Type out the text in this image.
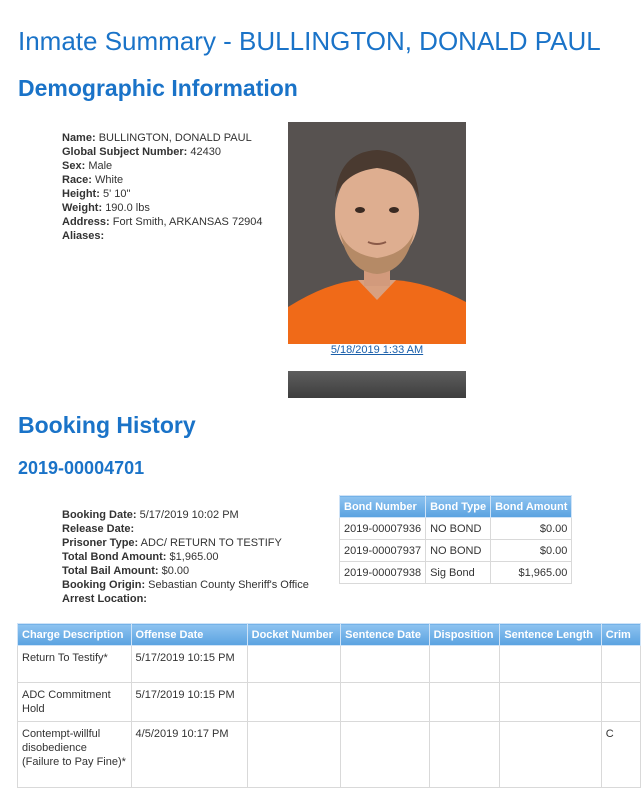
Inmate Summary - BULLINGTON, DONALD PAUL
Demographic Information
Name: BULLINGTON, DONALD PAUL
Global Subject Number: 42430
Sex: Male
Race: White
Height: 5' 10"
Weight: 190.0 lbs
Address: Fort Smith, ARKANSAS 72904
Aliases:
5/18/2019 1:33 AM
Booking History
2019-00004701
Booking Date: 5/17/2019 10:02 PM
Release Date:
Prisoner Type: ADC/ RETURN TO TESTIFY
Total Bond Amount: $1,965.00
Total Bail Amount: $0.00
Booking Origin: Sebastian County Sheriff's Office
Arrest Location:
Bond Number	Bond Type	Bond Amount
2019-00007936	NO BOND	$0.00
2019-00007937	NO BOND	$0.00
2019-00007938	Sig Bond	$1,965.00
Charge Description	Offense Date	Docket Number	Sentence Date	Disposition	Sentence Length	Crim
Return To Testify*	5/17/2019 10:15 PM					
ADC Commitment Hold	5/17/2019 10:15 PM					
Contempt-willful disobedience (Failure to Pay Fine)*	4/5/2019 10:17 PM					C
